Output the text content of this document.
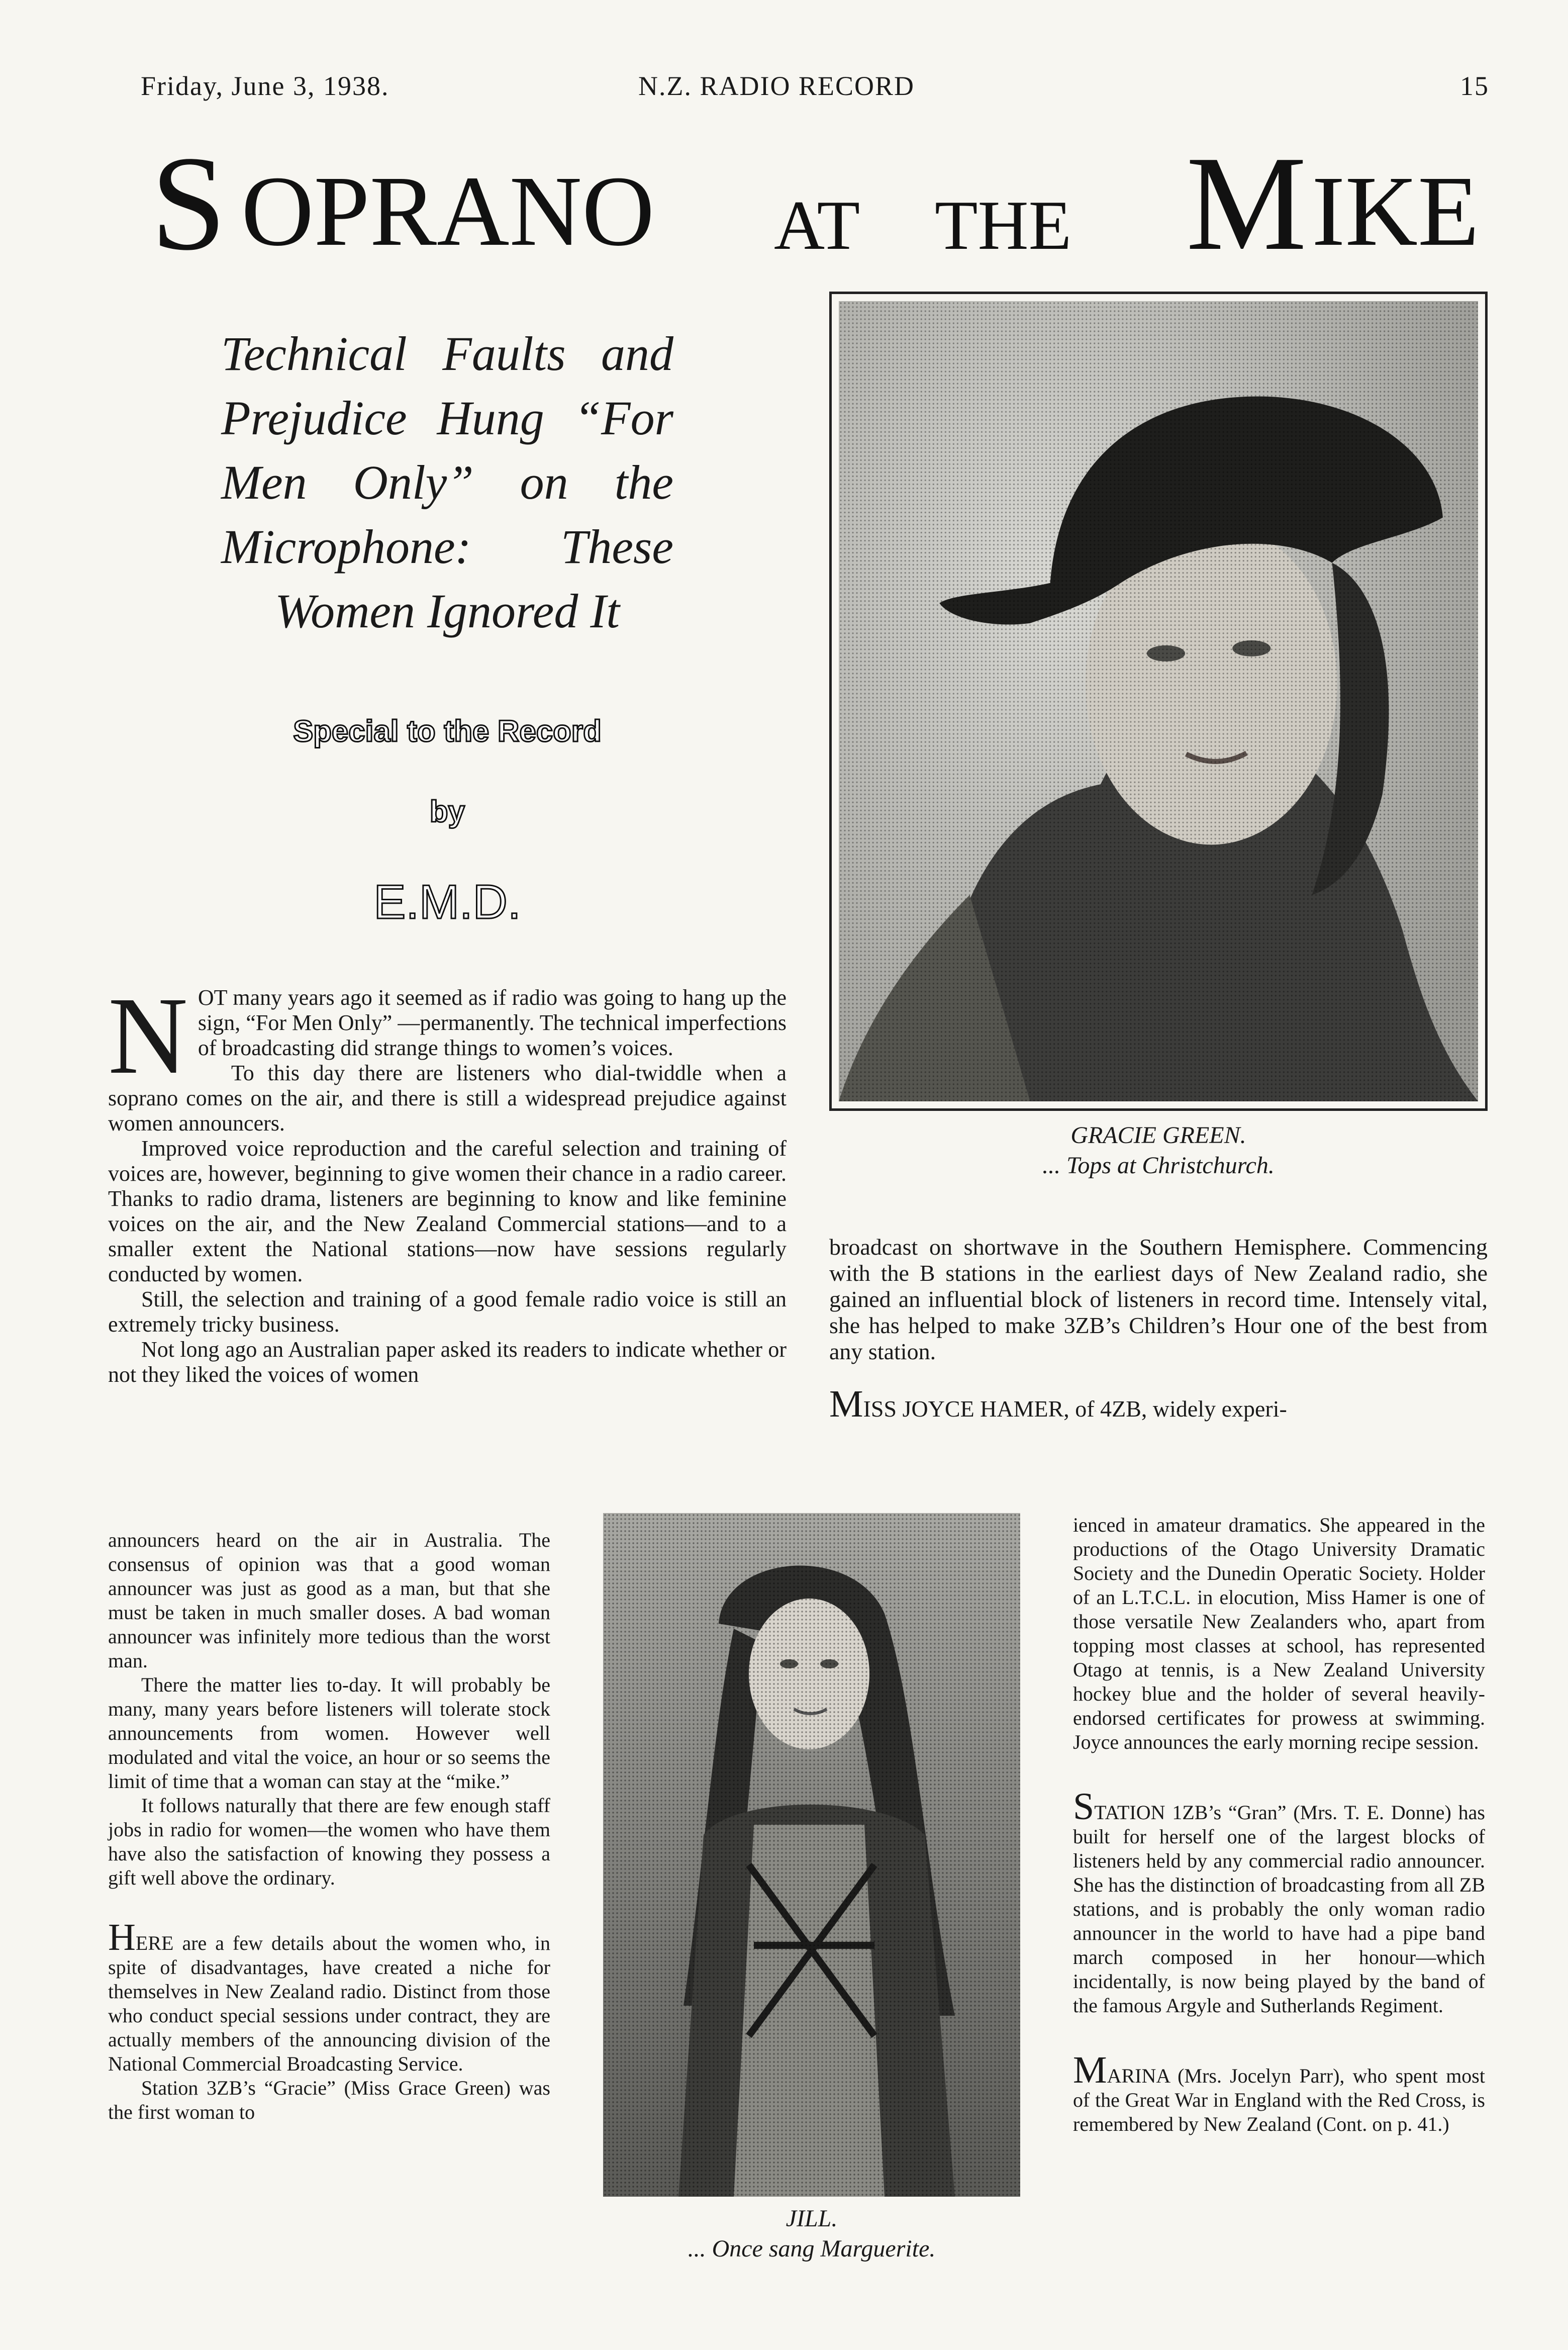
Friday, June 3, 1938.	N.Z. RADIO RECORD	15
S OPRANO AT THE M IKE
Technical Faults and
Prejudice Hung “For
Men Only” on the
Microphone: These
Women Ignored It
Special to the Record
by
E.M.D.
GRACIE GREEN.
... Tops at Christchurch.

NOT many years ago it seemed as if radio was going to hang up the sign, “For Men Only” —permanently. The technical imperfections of broadcasting did strange things to women’s voices.

To this day there are listeners who dial-twiddle when a soprano comes on the air, and there is still a widespread prejudice against women announcers.

Improved voice reproduction and the careful selection and training of voices are, however, beginning to give women their chance in a radio career. Thanks to radio drama, listeners are beginning to know and like feminine voices on the air, and the New Zealand Commercial stations—and to a smaller extent the National stations—now have sessions regularly conducted by women.

Still, the selection and training of a good female radio voice is still an extremely tricky business.

Not long ago an Australian paper asked its readers to indicate whether or not they liked the voices of women

announcers heard on the air in Australia. The consensus of opinion was that a good woman announcer was just as good as a man, but that she must be taken in much smaller doses. A bad woman announcer was infinitely more tedious than the worst man.

There the matter lies to-day. It will probably be many, many years before listeners will tolerate stock announcements from women. However well modulated and vital the voice, an hour or so seems the limit of time that a woman can stay at the “mike.”

It follows naturally that there are few enough staff jobs in radio for women—the women who have them have also the satisfaction of knowing they possess a gift well above the ordinary.

HERE are a few details about the women who, in spite of disadvantages, have created a niche for themselves in New Zealand radio. Distinct from those who conduct special sessions under contract, they are actually members of the announcing division of the National Commercial Broadcasting Service.

Station 3ZB’s “Gracie” (Miss Grace Green) was the first woman to

JILL.
... Once sang Marguerite.

broadcast on shortwave in the Southern Hemisphere. Commencing with the B stations in the earliest days of New Zealand radio, she gained an influential block of listeners in record time. Intensely vital, she has helped to make 3ZB’s Children’s Hour one of the best from any station.

MISS JOYCE HAMER, of 4ZB, widely experi-

ienced in amateur dramatics. She appeared in the productions of the Otago University Dramatic Society and the Dunedin Operatic Society. Holder of an L.T.C.L. in elocution, Miss Hamer is one of those versatile New Zealanders who, apart from topping most classes at school, has represented Otago at tennis, is a New Zealand University hockey blue and the holder of several heavily-endorsed certificates for prowess at swimming. Joyce announces the early morning recipe session.

STATION 1ZB’s “Gran” (Mrs. T. E. Donne) has built for herself one of the largest blocks of listeners held by any commercial radio announcer. She has the distinction of broadcasting from all ZB stations, and is probably the only woman radio announcer in the world to have had a pipe band march composed in her honour—which incidentally, is now being played by the band of the famous Argyle and Sutherlands Regiment.

MARINA (Mrs. Jocelyn Parr), who spent most of the Great War in England with the Red Cross, is remembered by New Zealand (Cont. on p. 41.)
